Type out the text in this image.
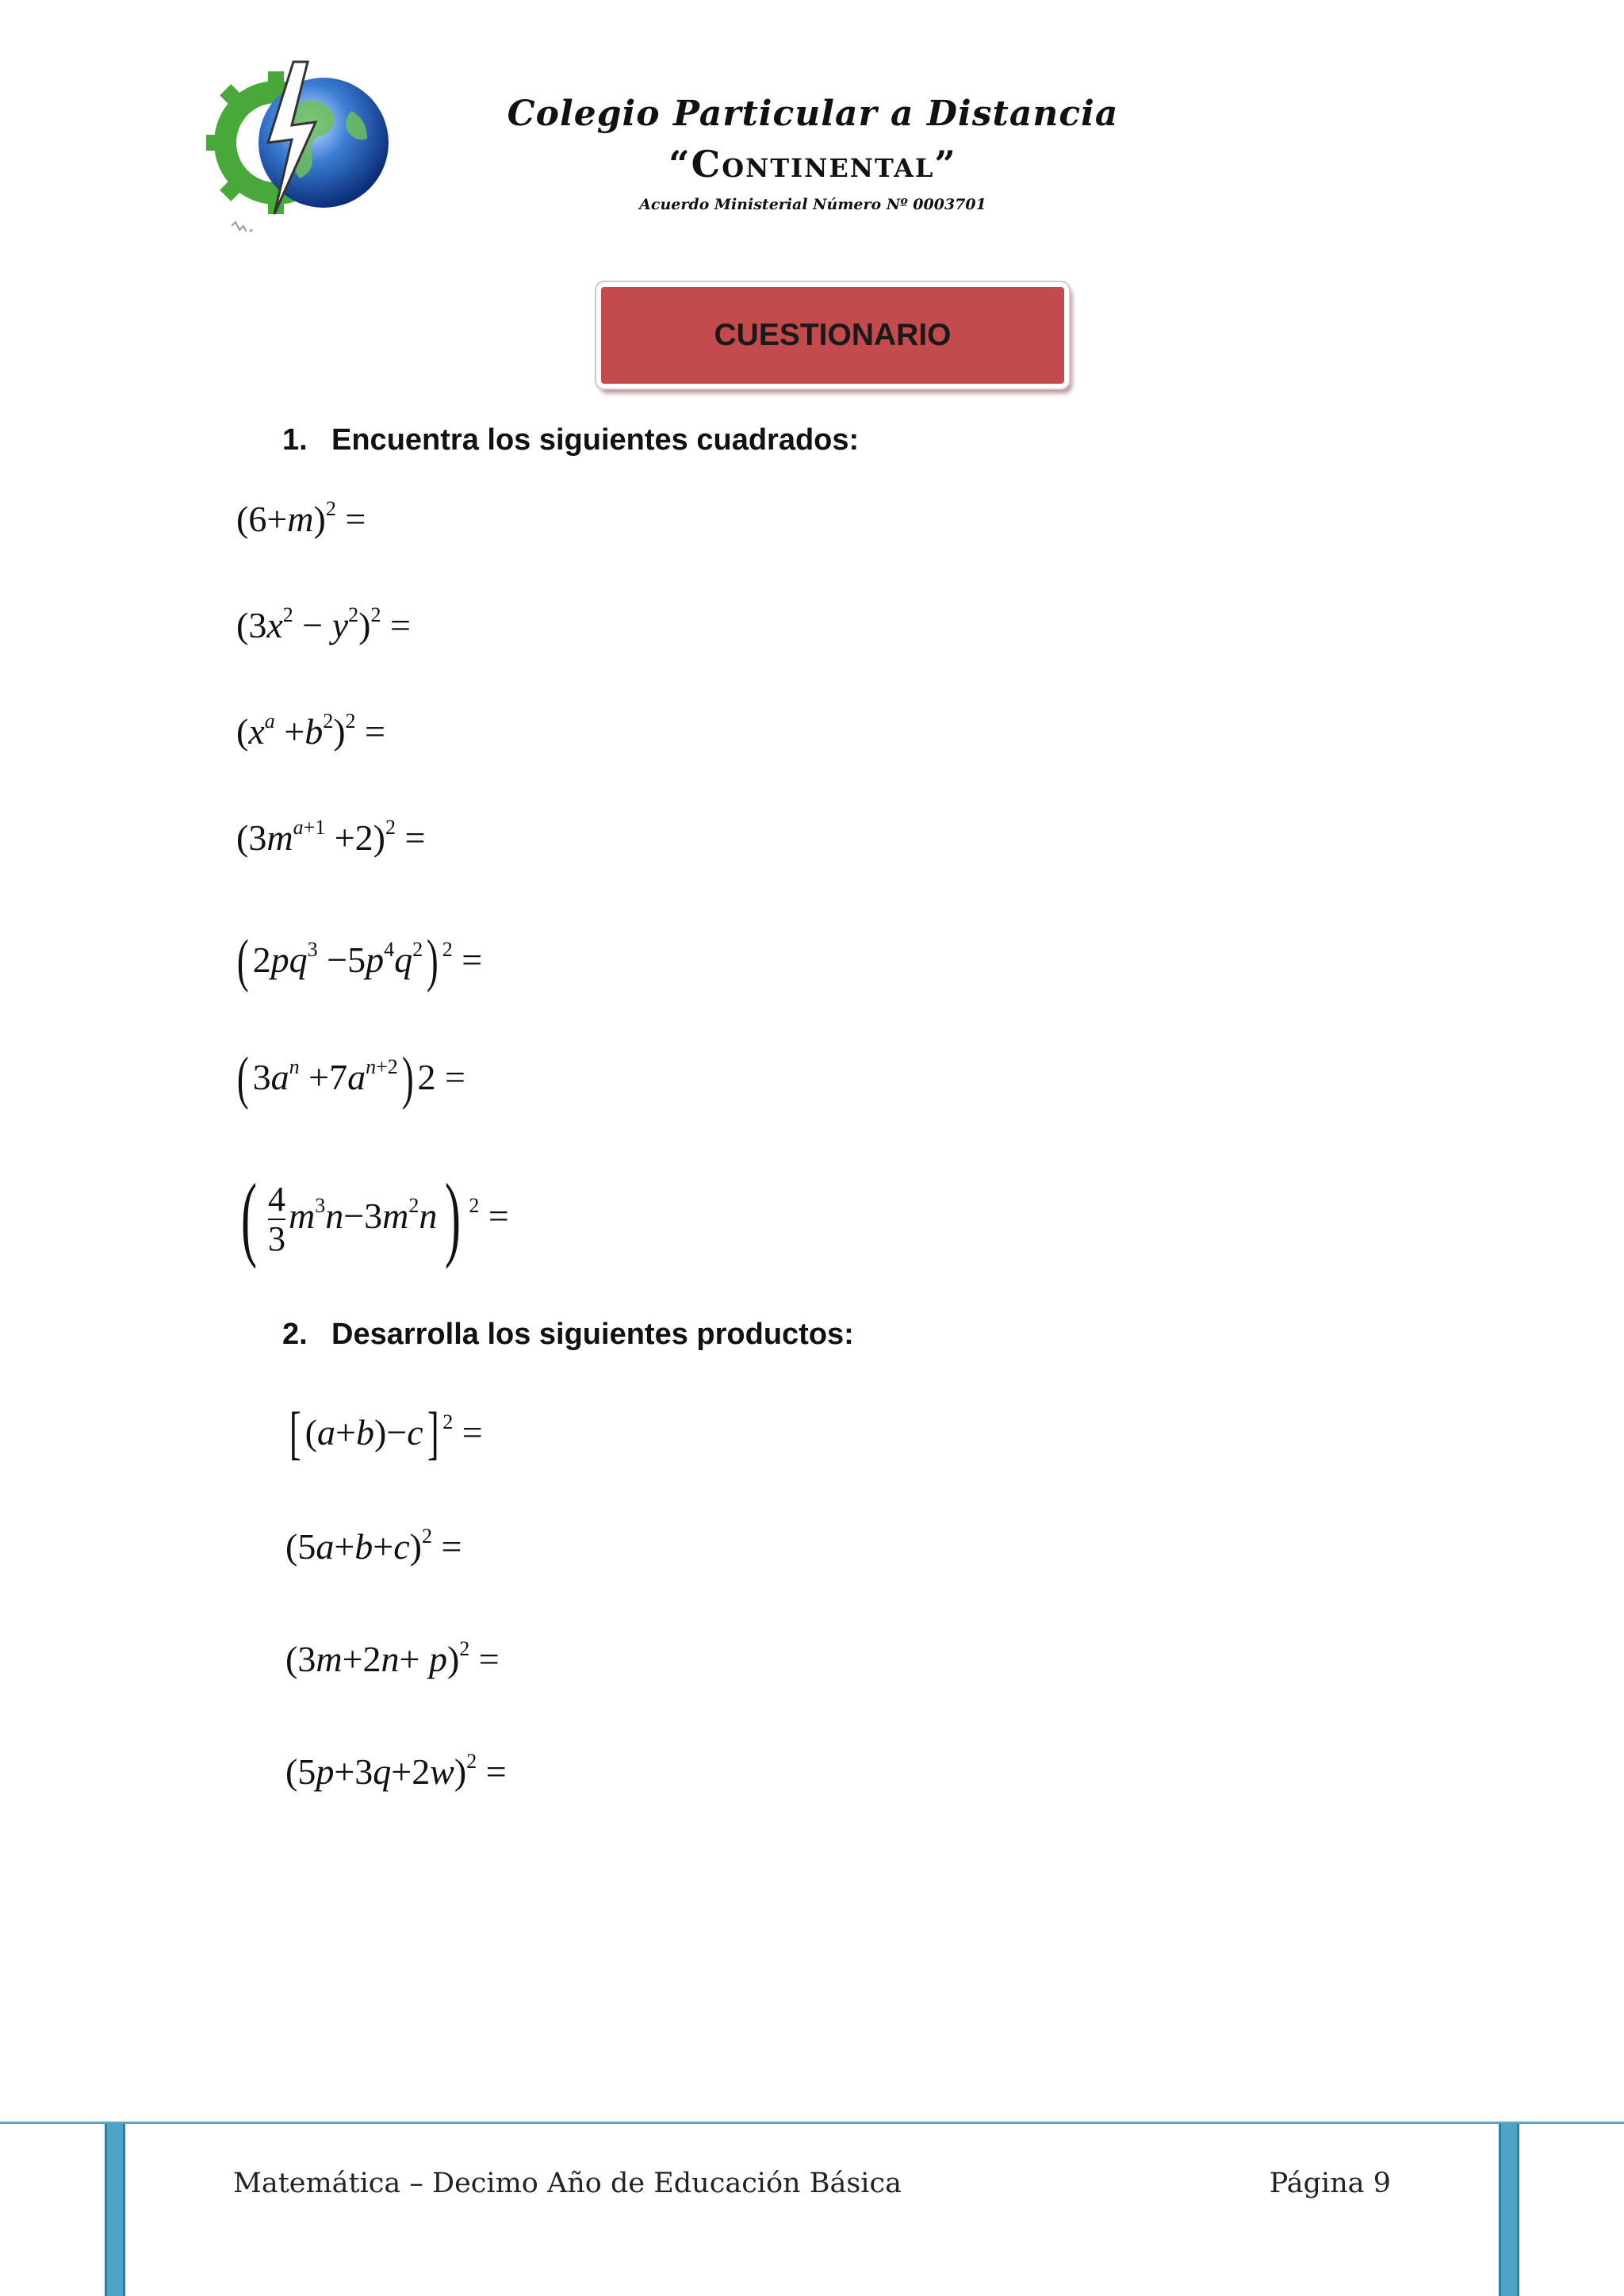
Colegio Particular a Distancia
“Continental”
Acuerdo Ministerial Número Nº 0003701
CUESTIONARIO
1. Encuentra los siguientes cuadrados:
$(6+m)^2$ =
$(3x^2 - y^2)^2$ =
$(x^a +b^2)^2$ =
$(3m^{a+1} +2)^2$ =
( $2pq^3 -5p^4q^2$) $^2$ =
( $3a^n +7a^{n+2}$) 2 =
( $\frac{4}{3} m^3n-3m^2n$) $^2$ =
2. Desarrolla los siguientes productos:
[ (a+b)−c] $^2$ =
$(5a+b+c)^2$ =
$(3m+2n+ p)^2$ =
$(5p+3q+2w)^2$ =
Matemática – Decimo Año de Educación Básica	Página 9
